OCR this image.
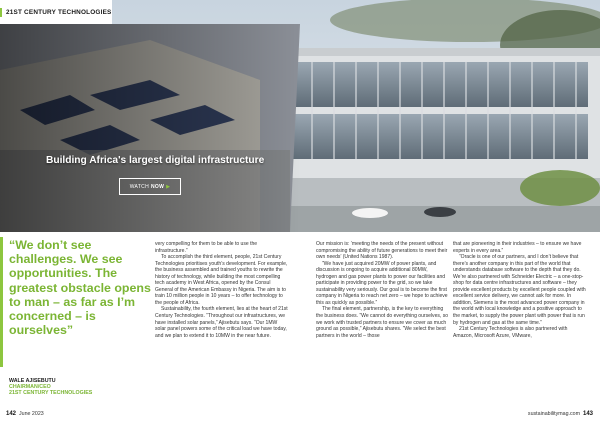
Building Africa's largest digital infrastructure
WATCH NOW ▶
21ST CENTURY TECHNOLOGIES
“We don’t see challenges. We see opportunities. The greatest obstacle opens to man – as far as I’m concerned – is ourselves”
WALE AJISEBUTU
CHAIRMAN/CEO
21ST CENTURY TECHNOLOGIES

very compelling for them to be able to use the infrastructure.”

To accomplish the third element, people, 21st Century Technologies prioritises youth’s development. For example, the business assembled and trained youths to rewrite the history of technology, while building the most compelling tech academy in West Africa, opened by the Consul General of the American Embassy in Nigeria. The aim is to train 10 million people in 10 years – to offer technology to the people of Africa.

Sustainability, the fourth element, lies at the heart of 21st Century Technologies. “Throughout our infrastructures, we have installed solar panels,” Ajisebutu says. “Our 1MW solar panel powers some of the critical load we have today, and we plan to extend it to 10MW in the near future.

Our mission is: ‘meeting the needs of the present without compromising the ability of future generations to meet their own needs’ (United Nations 1987).

“We have just acquired 20MW of power plants, and discussion is ongoing to acquire additional 80MW, hydrogen and gas power plants to power our facilities and participate in providing power to the grid, so we take sustainability very seriously. Our goal is to become the first company in Nigeria to reach net zero – we hope to achieve this as quickly as possible.”

The final element, partnership, is the key to everything the business does. “We cannot do everything ourselves, so we work with trusted partners to ensure we cover as much ground as possible,” Ajisebutu shares. “We select the best partners in the world – those

that are pioneering in their industries – to ensure we have experts in every area.”

“Oracle is one of our partners, and I don’t believe that there’s another company in this part of the world that understands database software to the depth that they do. We’re also partnered with Schneider Electric – a one-stop-shop for data centre infrastructures and software – they provide excellent products by excellent people coupled with excellent service delivery, we cannot ask for more. In addition, Siemens is the most advanced power company in the world with local knowledge and a positive approach to the market, to supply the power plant with power that is run by hydrogen and gas at the same time.”

21st Century Technologies is also partnered with Amazon, Microsoft Azure, VMware,

142 June 2023	sustainabilitymag.com 143
